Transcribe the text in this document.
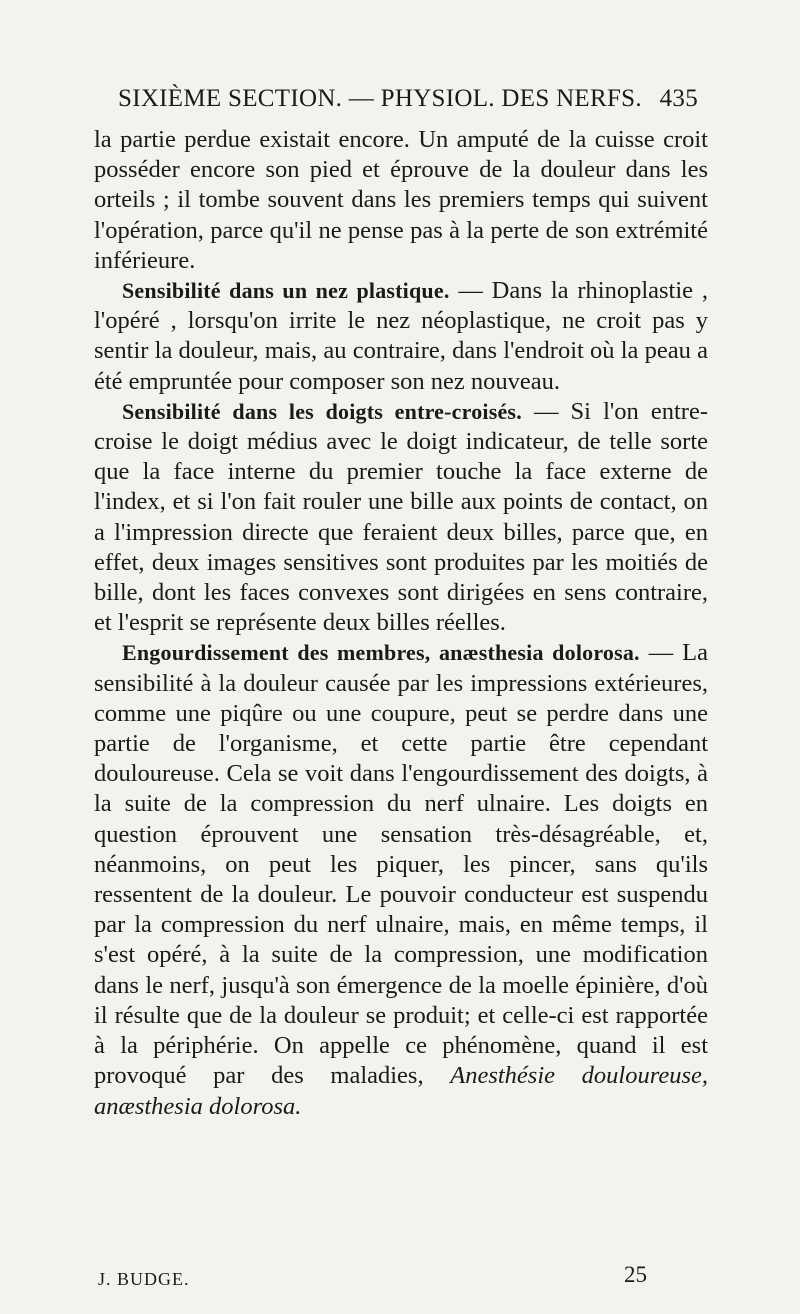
SIXIÈME SECTION. — PHYSIOL. DES NERFS. 435

la partie perdue existait encore. Un amputé de la cuisse croit posséder encore son pied et éprouve de la douleur dans les orteils ; il tombe souvent dans les premiers temps qui suivent l'opération, parce qu'il ne pense pas à la perte de son extrémité inférieure.

Sensibilité dans un nez plastique. — Dans la rhinoplastie , l'opéré , lorsqu'on irrite le nez néoplastique, ne croit pas y sentir la douleur, mais, au contraire, dans l'endroit où la peau a été empruntée pour composer son nez nouveau.

Sensibilité dans les doigts entre-croisés. — Si l'on entre-croise le doigt médius avec le doigt indicateur, de telle sorte que la face interne du premier touche la face externe de l'index, et si l'on fait rouler une bille aux points de contact, on a l'impression directe que feraient deux billes, parce que, en effet, deux images sensitives sont produites par les moitiés de bille, dont les faces convexes sont dirigées en sens contraire, et l'esprit se représente deux billes réelles.

Engourdissement des membres, anæsthesia dolorosa. — La sensibilité à la douleur causée par les impressions extérieures, comme une piqûre ou une coupure, peut se perdre dans une partie de l'organisme, et cette partie être cependant douloureuse. Cela se voit dans l'engourdissement des doigts, à la suite de la compression du nerf ulnaire. Les doigts en question éprouvent une sensation très-désagréable, et, néanmoins, on peut les piquer, les pincer, sans qu'ils ressentent de la douleur. Le pouvoir conducteur est suspendu par la compression du nerf ulnaire, mais, en même temps, il s'est opéré, à la suite de la compression, une modification dans le nerf, jusqu'à son émergence de la moelle épinière, d'où il résulte que de la douleur se produit; et celle-ci est rapportée à la périphérie. On appelle ce phénomène, quand il est provoqué par des maladies, Anesthésie douloureuse, anæsthesia dolorosa.

J. BUDGE.	25
